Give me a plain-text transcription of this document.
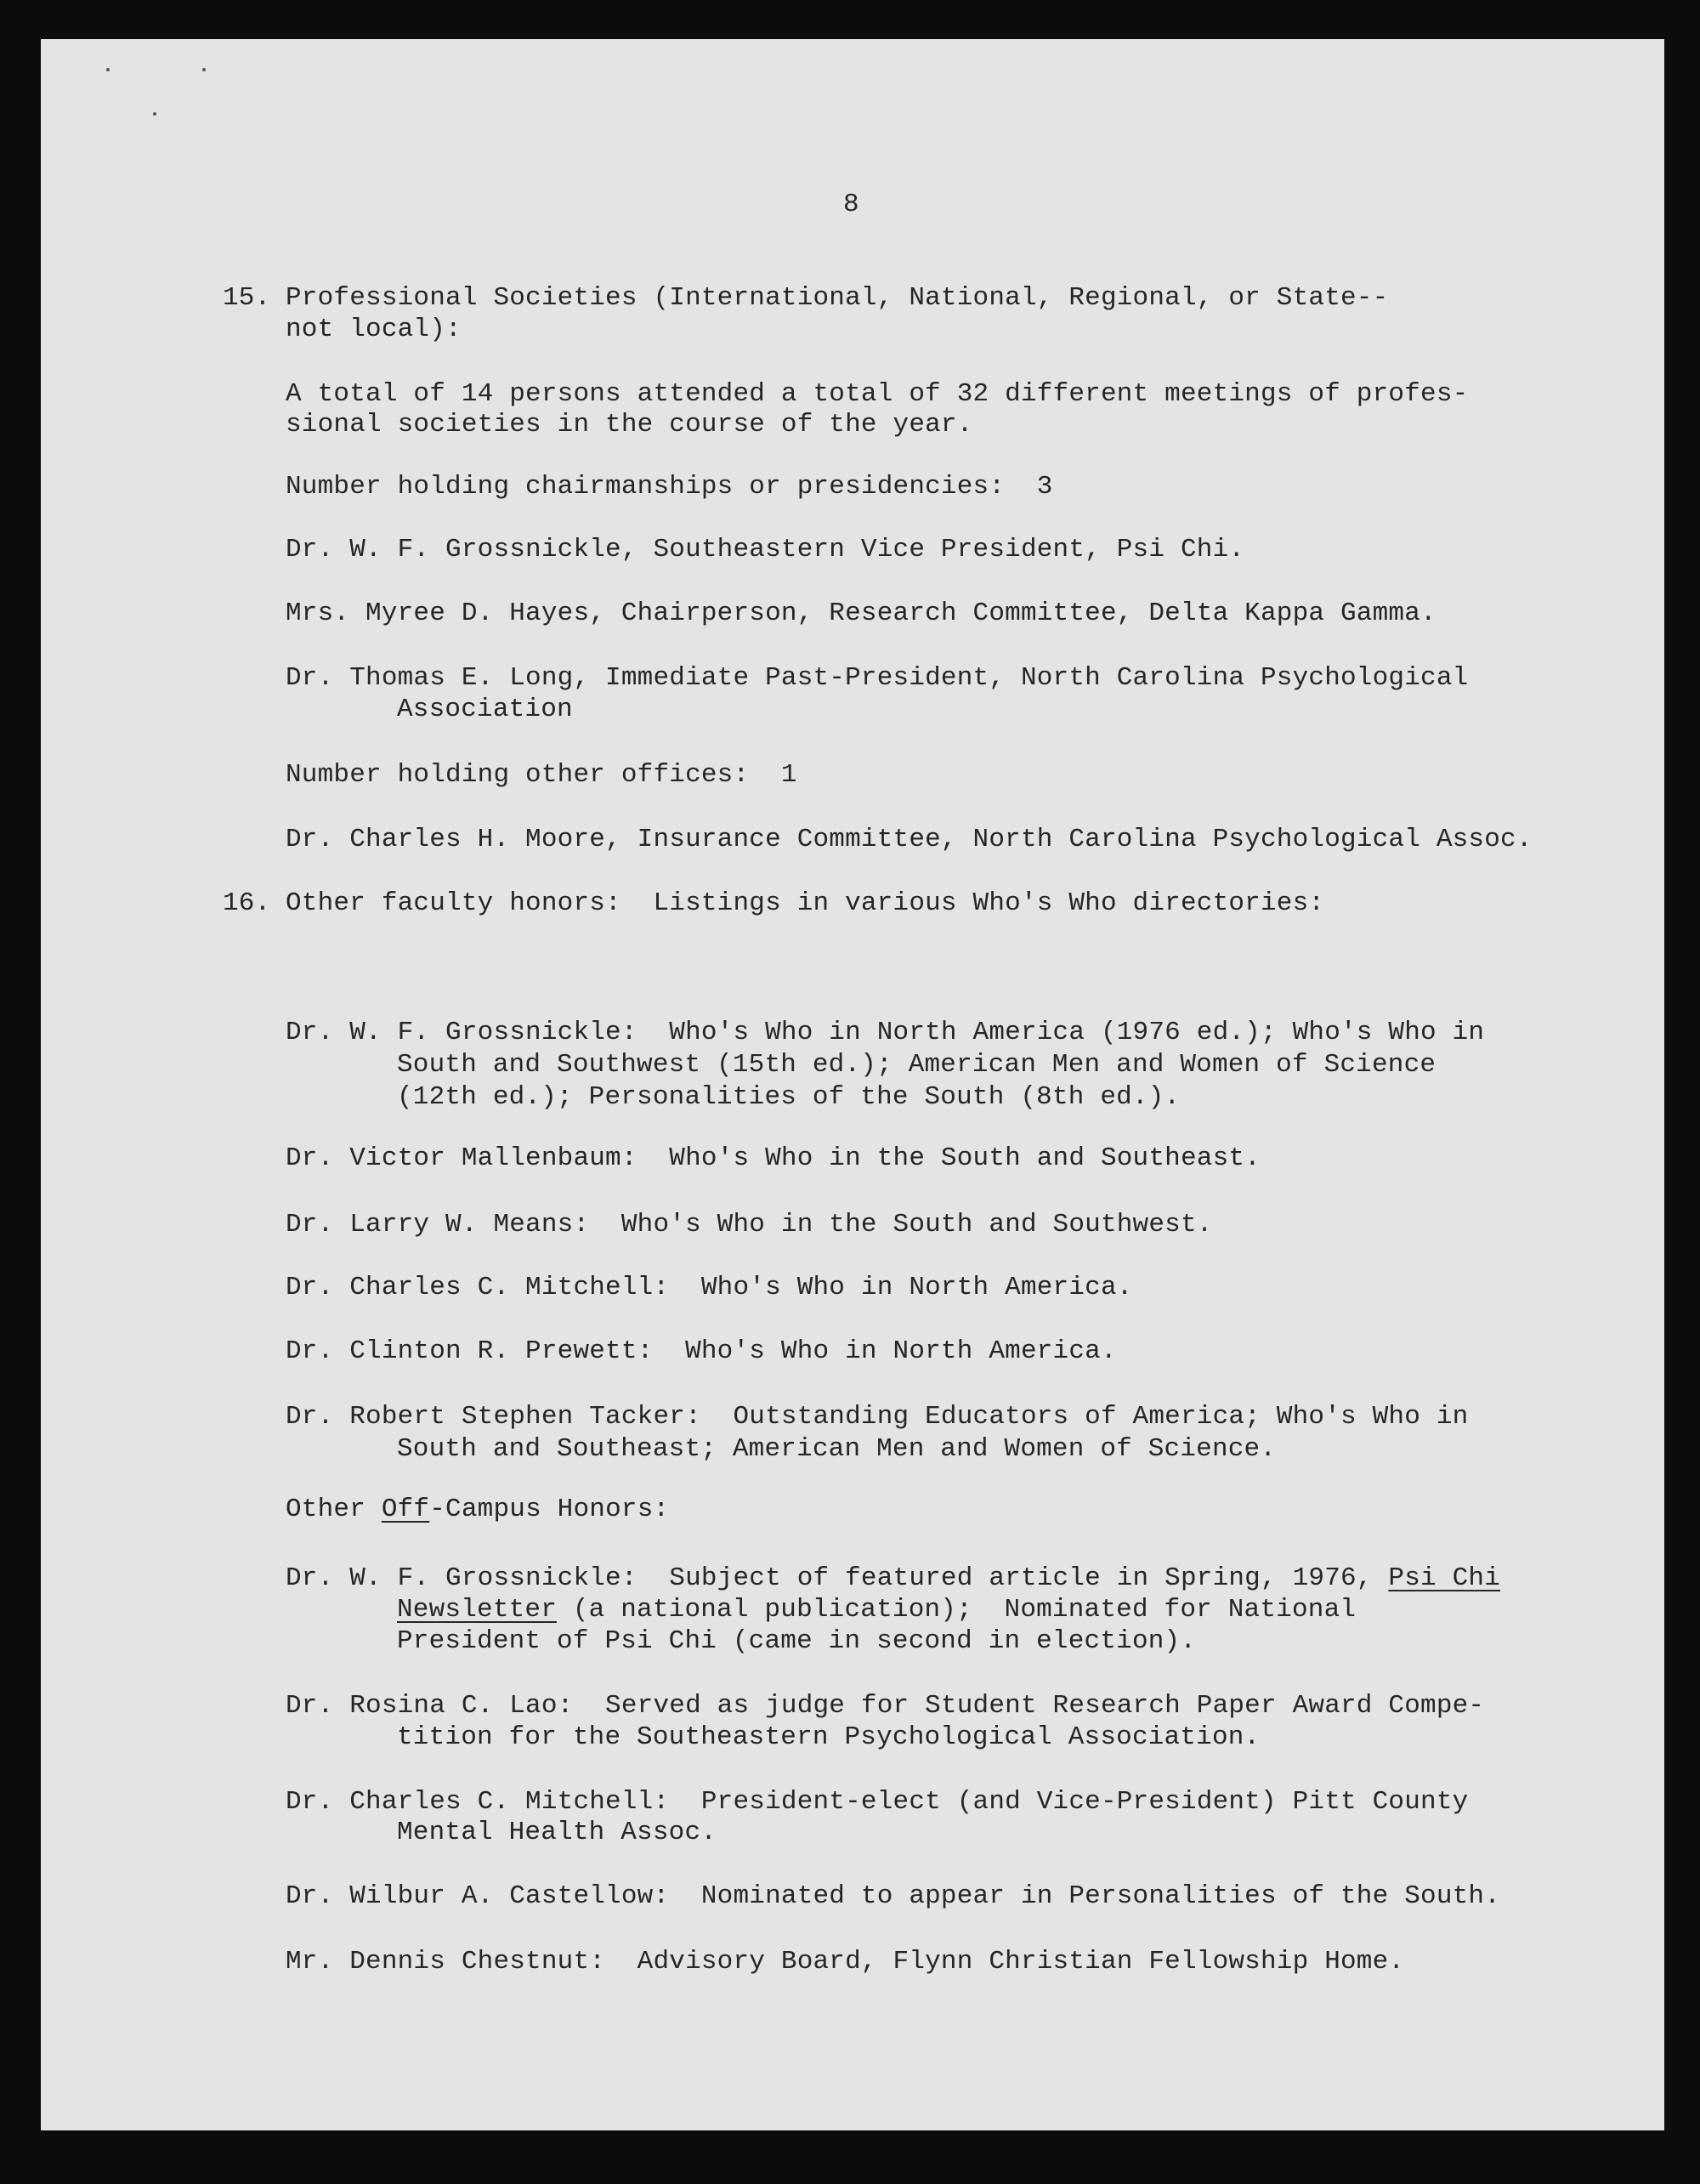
8
15. Professional Societies (International, National, Regional, or State--
not local):
A total of 14 persons attended a total of 32 different meetings of profes-
sional societies in the course of the year.
Number holding chairmanships or presidencies:  3
Dr. W. F. Grossnickle, Southeastern Vice President, Psi Chi.
Mrs. Myree D. Hayes, Chairperson, Research Committee, Delta Kappa Gamma.
Dr. Thomas E. Long, Immediate Past-President, North Carolina Psychological
Association
Number holding other offices:  1
Dr. Charles H. Moore, Insurance Committee, North Carolina Psychological Assoc.
16. Other faculty honors:  Listings in various Who's Who directories:
Dr. W. F. Grossnickle:  Who's Who in North America (1976 ed.); Who's Who in
South and Southwest (15th ed.); American Men and Women of Science
(12th ed.); Personalities of the South (8th ed.).
Dr. Victor Mallenbaum:  Who's Who in the South and Southeast.
Dr. Larry W. Means:  Who's Who in the South and Southwest.
Dr. Charles C. Mitchell:  Who's Who in North America.
Dr. Clinton R. Prewett:  Who's Who in North America.
Dr. Robert Stephen Tacker:  Outstanding Educators of America; Who's Who in
South and Southeast; American Men and Women of Science.
Other Off-Campus Honors:
Dr. W. F. Grossnickle:  Subject of featured article in Spring, 1976, Psi Chi
Newsletter (a national publication);  Nominated for National
President of Psi Chi (came in second in election).
Dr. Rosina C. Lao:  Served as judge for Student Research Paper Award Compe-
tition for the Southeastern Psychological Association.
Dr. Charles C. Mitchell:  President-elect (and Vice-President) Pitt County
Mental Health Assoc.
Dr. Wilbur A. Castellow:  Nominated to appear in Personalities of the South.
Mr. Dennis Chestnut:  Advisory Board, Flynn Christian Fellowship Home.
